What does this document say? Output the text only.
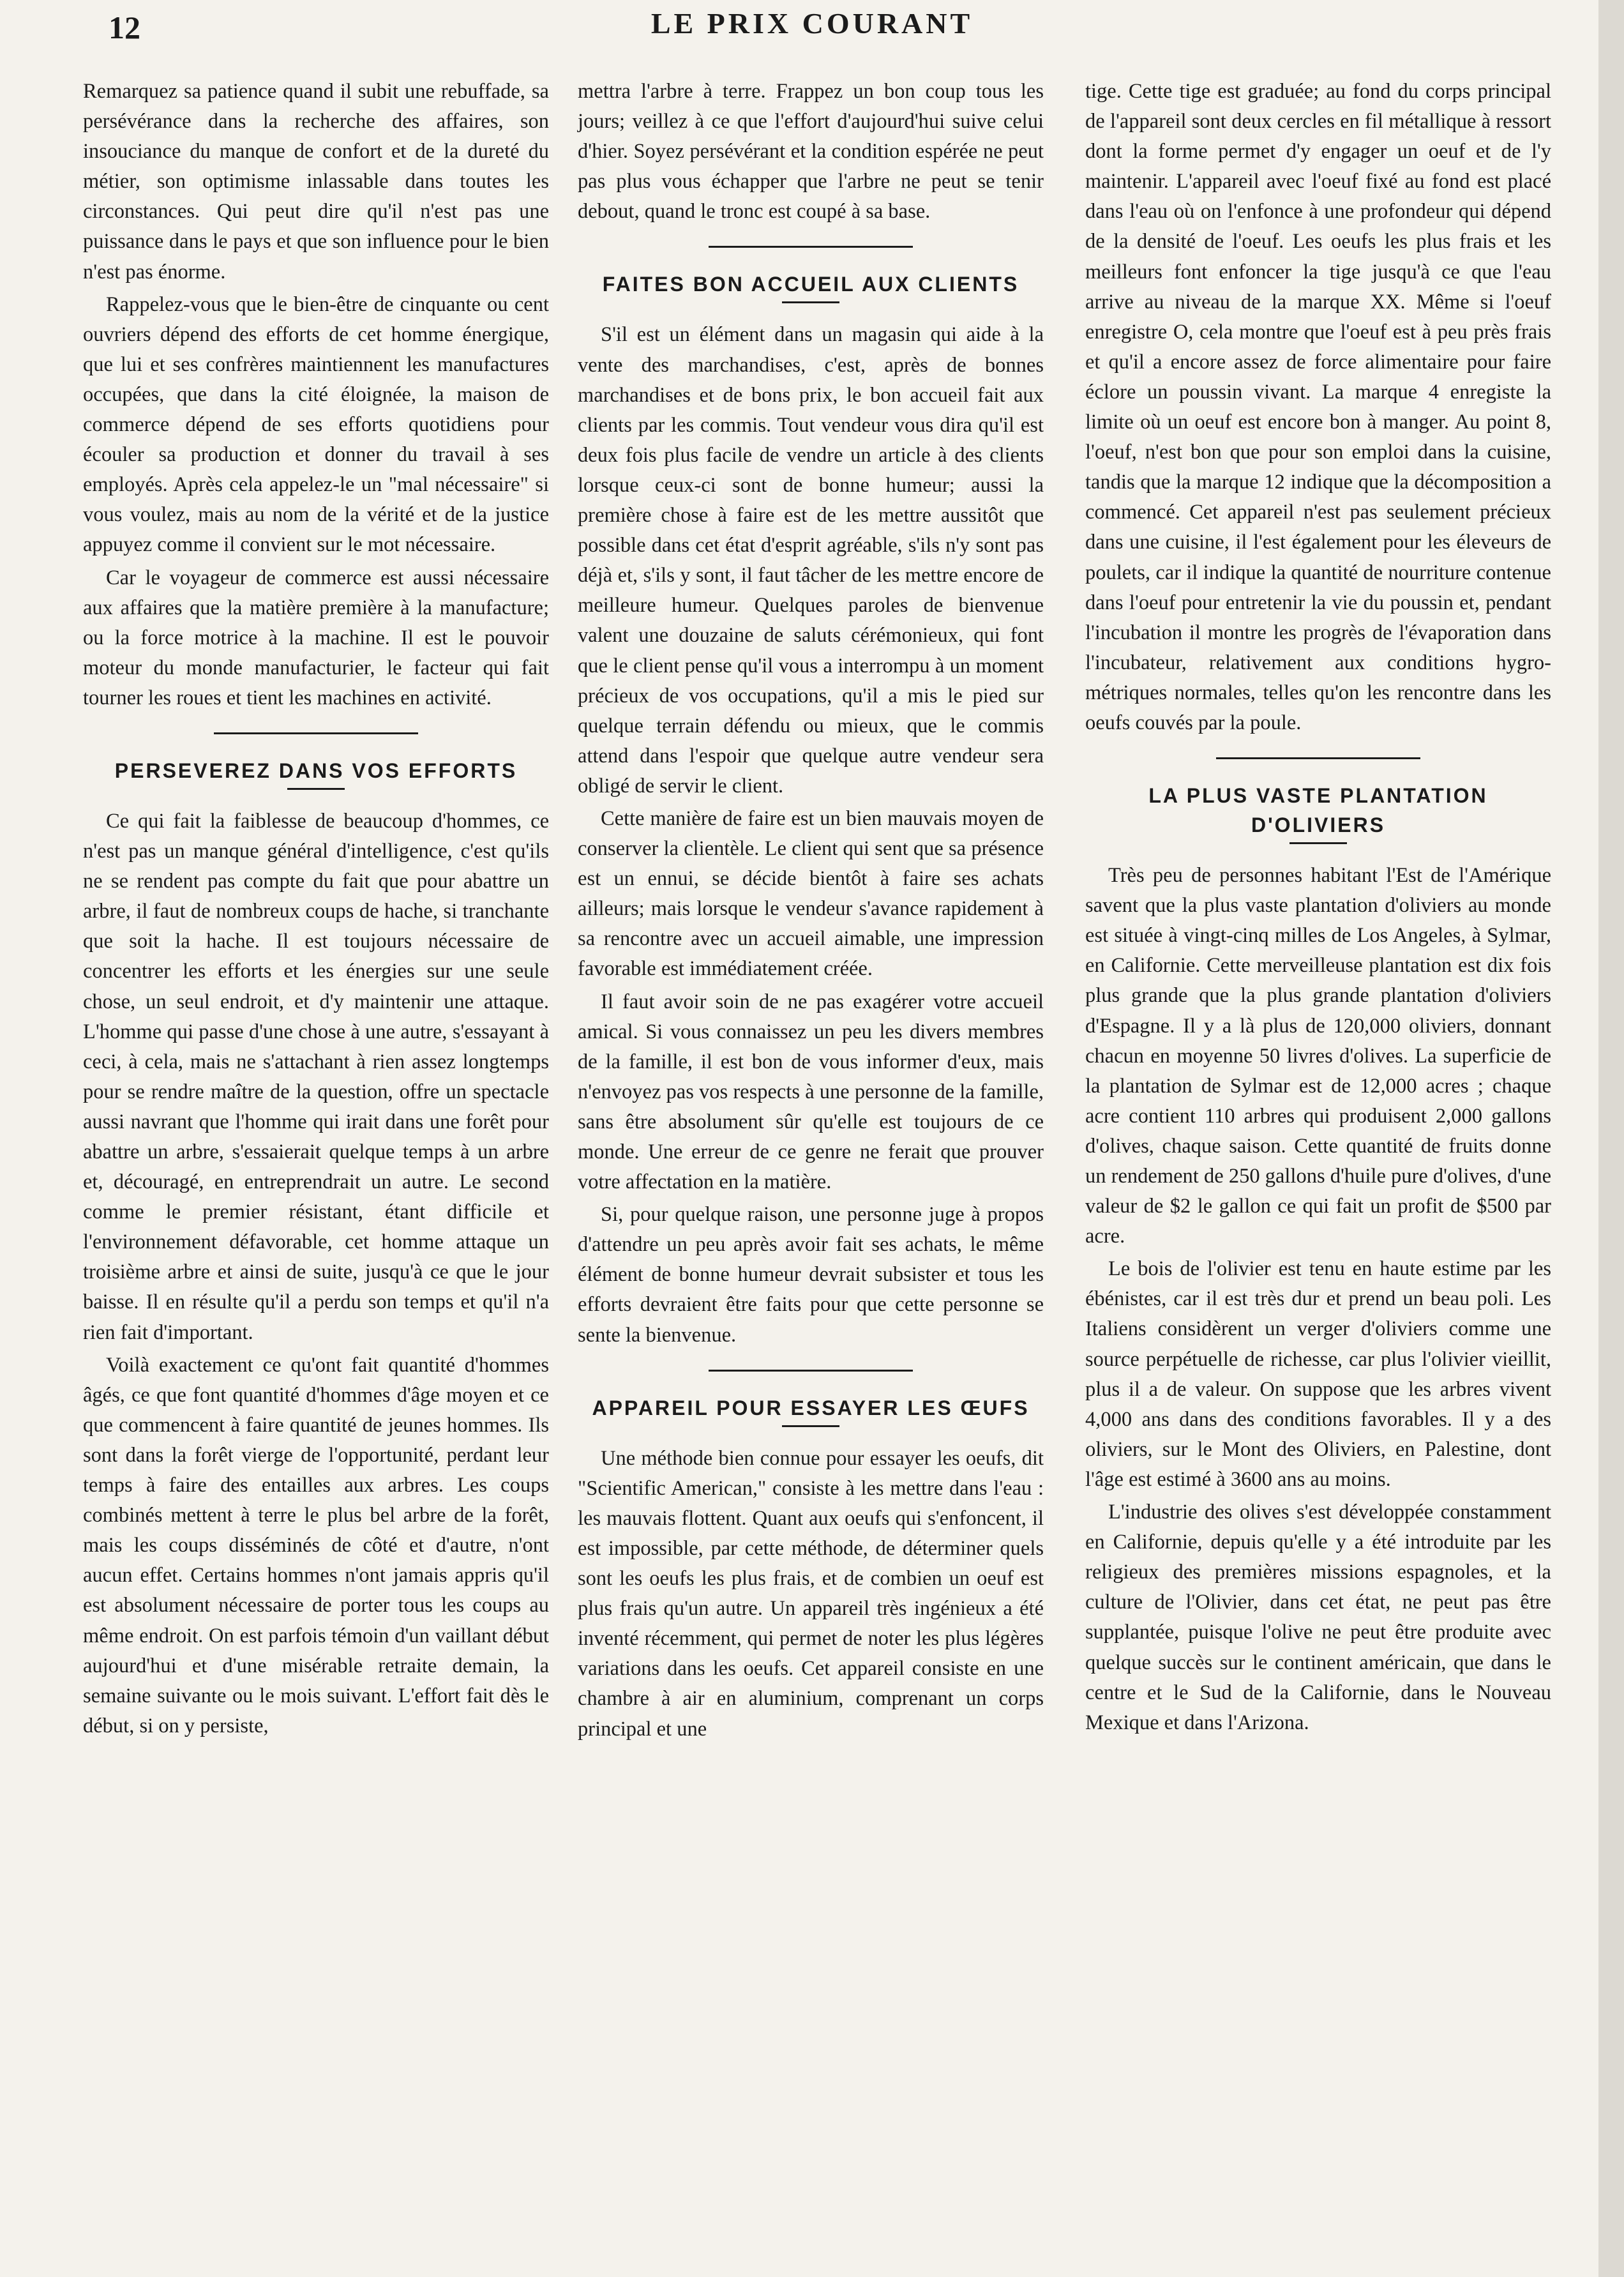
12	LE PRIX COURANT

Remarquez sa patience quand il subit une rebuffade, sa persévérance dans la recherche des affaires, son insouciance du manque de confort et de la dureté du métier, son optimisme inlassable dans toutes les circonstances. Qui peut dire qu'il n'est pas une puissance dans le pays et que son influence pour le bien n'est pas énorme.

Rappelez-vous que le bien-être de cinquante ou cent ouvriers dépend des efforts de cet homme énergique, que lui et ses confrères maintiennent les manufactures occupées, que dans la cité éloignée, la maison de commerce dépend de ses efforts quotidiens pour écouler sa production et donner du travail à ses employés. Après cela appelez-le un "mal nécessaire" si vous voulez, mais au nom de la vérité et de la justice appuyez comme il convient sur le mot nécessaire.

Car le voyageur de commerce est aussi nécessaire aux affaires que la matière première à la manufacture; ou la force motrice à la machine. Il est le pouvoir moteur du monde manufacturier, le facteur qui fait tourner les roues et tient les machines en activité.

PERSEVEREZ DANS VOS EFFORTS

Ce qui fait la faiblesse de beaucoup d'hommes, ce n'est pas un manque général d'intelligence, c'est qu'ils ne se rendent pas compte du fait que pour abattre un arbre, il faut de nombreux coups de hache, si tranchante que soit la hache. Il est toujours nécessaire de concentrer les efforts et les énergies sur une seule chose, un seul endroit, et d'y maintenir une attaque. L'homme qui passe d'une chose à une autre, s'essayant à ceci, à cela, mais ne s'attachant à rien assez longtemps pour se rendre maître de la question, offre un spectacle aussi navrant que l'homme qui irait dans une forêt pour abattre un arbre, s'essaierait quelque temps à un arbre et, découragé, en entreprendrait un autre. Le second comme le premier résistant, étant difficile et l'environnement défavorable, cet homme attaque un troisième arbre et ainsi de suite, jusqu'à ce que le jour baisse. Il en résulte qu'il a perdu son temps et qu'il n'a rien fait d'important.

Voilà exactement ce qu'ont fait quantité d'hommes âgés, ce que font quantité d'hommes d'âge moyen et ce que commencent à faire quantité de jeunes hommes. Ils sont dans la forêt vierge de l'opportunité, perdant leur temps à faire des entailles aux arbres. Les coups combinés mettent à terre le plus bel arbre de la forêt, mais les coups disséminés de côté et d'autre, n'ont aucun effet. Certains hommes n'ont jamais appris qu'il est absolument nécessaire de porter tous les coups au même endroit. On est parfois témoin d'un vaillant début aujourd'hui et d'une misérable retraite demain, la semaine suivante ou le mois suivant. L'effort fait dès le début, si on y persiste,

mettra l'arbre à terre. Frappez un bon coup tous les jours; veillez à ce que l'effort d'aujourd'hui suive celui d'hier. Soyez persévérant et la condition espérée ne peut pas plus vous échapper que l'arbre ne peut se tenir debout, quand le tronc est coupé à sa base.

FAITES BON ACCUEIL AUX CLIENTS

S'il est un élément dans un magasin qui aide à la vente des marchandises, c'est, après de bonnes marchandises et de bons prix, le bon accueil fait aux clients par les commis. Tout vendeur vous dira qu'il est deux fois plus facile de vendre un article à des clients lorsque ceux-ci sont de bonne humeur; aussi la première chose à faire est de les mettre aussitôt que possible dans cet état d'esprit agréable, s'ils n'y sont pas déjà et, s'ils y sont, il faut tâcher de les mettre encore de meilleure humeur. Quelques paroles de bienvenue valent une douzaine de saluts cérémonieux, qui font que le client pense qu'il vous a interrompu à un moment précieux de vos occupations, qu'il a mis le pied sur quelque terrain défendu ou mieux, que le commis attend dans l'espoir que quelque autre vendeur sera obligé de servir le client.

Cette manière de faire est un bien mauvais moyen de conserver la clientèle. Le client qui sent que sa présence est un ennui, se décide bientôt à faire ses achats ailleurs; mais lorsque le vendeur s'avance rapidement à sa rencontre avec un accueil aimable, une impression favorable est immédiatement créée.

Il faut avoir soin de ne pas exagérer votre accueil amical. Si vous connaissez un peu les divers membres de la famille, il est bon de vous informer d'eux, mais n'envoyez pas vos respects à une personne de la famille, sans être absolument sûr qu'elle est toujours de ce monde. Une erreur de ce genre ne ferait que prouver votre affectation en la matière.

Si, pour quelque raison, une personne juge à propos d'attendre un peu après avoir fait ses achats, le même élément de bonne humeur devrait subsister et tous les efforts devraient être faits pour que cette personne se sente la bienvenue.

APPAREIL POUR ESSAYER LES ŒUFS

Une méthode bien connue pour essayer les oeufs, dit "Scientific American," consiste à les mettre dans l'eau : les mauvais flottent. Quant aux oeufs qui s'enfoncent, il est impossible, par cette méthode, de déterminer quels sont les oeufs les plus frais, et de combien un oeuf est plus frais qu'un autre. Un appareil très ingénieux a été inventé récemment, qui permet de noter les plus légères variations dans les oeufs. Cet appareil consiste en une chambre à air en aluminium, comprenant un corps principal et une

tige. Cette tige est graduée; au fond du corps principal de l'appareil sont deux cercles en fil métallique à ressort dont la forme permet d'y engager un oeuf et de l'y maintenir. L'appareil avec l'oeuf fixé au fond est placé dans l'eau où on l'enfonce à une profondeur qui dépend de la densité de l'oeuf. Les oeufs les plus frais et les meilleurs font enfoncer la tige jusqu'à ce que l'eau arrive au niveau de la marque XX. Même si l'oeuf enregistre O, cela montre que l'oeuf est à peu près frais et qu'il a encore assez de force alimentaire pour faire éclore un poussin vivant. La marque 4 enregiste la limite où un oeuf est encore bon à manger. Au point 8, l'oeuf, n'est bon que pour son emploi dans la cuisine, tandis que la marque 12 indique que la décomposition a commencé. Cet appareil n'est pas seulement précieux dans une cuisine, il l'est également pour les éleveurs de poulets, car il indique la quantité de nourriture contenue dans l'oeuf pour entretenir la vie du poussin et, pendant l'incubation il montre les progrès de l'évaporation dans l'incubateur, relativement aux conditions hygro-métriques normales, telles qu'on les rencontre dans les oeufs couvés par la poule.

LA PLUS VASTE PLANTATION D'OLIVIERS

Très peu de personnes habitant l'Est de l'Amérique savent que la plus vaste plantation d'oliviers au monde est située à vingt-cinq milles de Los Angeles, à Sylmar, en Californie. Cette merveilleuse plantation est dix fois plus grande que la plus grande plantation d'oliviers d'Espagne. Il y a là plus de 120,000 oliviers, donnant chacun en moyenne 50 livres d'olives. La superficie de la plantation de Sylmar est de 12,000 acres ; chaque acre contient 110 arbres qui produisent 2,000 gallons d'olives, chaque saison. Cette quantité de fruits donne un rendement de 250 gallons d'huile pure d'olives, d'une valeur de $2 le gallon ce qui fait un profit de $500 par acre.

Le bois de l'olivier est tenu en haute estime par les ébénistes, car il est très dur et prend un beau poli. Les Italiens considèrent un verger d'oliviers comme une source perpétuelle de richesse, car plus l'olivier vieillit, plus il a de valeur. On suppose que les arbres vivent 4,000 ans dans des conditions favorables. Il y a des oliviers, sur le Mont des Oliviers, en Palestine, dont l'âge est estimé à 3600 ans au moins.

L'industrie des olives s'est développée constamment en Californie, depuis qu'elle y a été introduite par les religieux des premières missions espagnoles, et la culture de l'Olivier, dans cet état, ne peut pas être supplantée, puisque l'olive ne peut être produite avec quelque succès sur le continent américain, que dans le centre et le Sud de la Californie, dans le Nouveau Mexique et dans l'Arizona.
